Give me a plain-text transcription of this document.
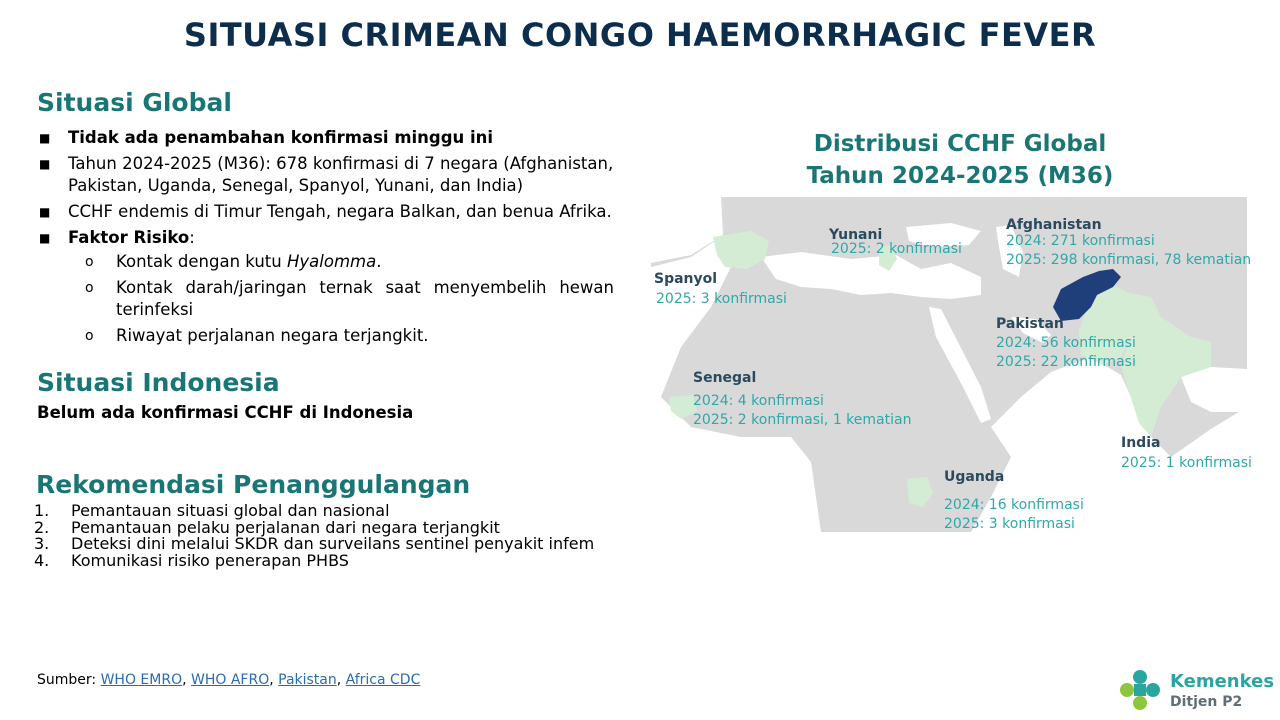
SITUASI CRIMEAN CONGO HAEMORRHAGIC FEVER
Situasi Global
■ Tidak ada penambahan konfirmasi minggu ini
■ Tahun 2024-2025 (M36): 678 konfirmasi di 7 negara (Afghanistan, Pakistan, Uganda, Senegal, Spanyol, Yunani, dan India)
■ CCHF endemis di Timur Tengah, negara Balkan, dan benua Afrika.
■ Faktor Risiko:
o Kontak dengan kutu Hyalomma.
o Kontak darah/jaringan ternak saat menyembelih hewan terinfeksi
o Riwayat perjalanan negara terjangkit.
Situasi Indonesia
Belum ada konfirmasi CCHF di Indonesia
Rekomendasi Penanggulangan
1. Pemantauan situasi global dan nasional
2. Pemantauan pelaku perjalanan dari negara terjangkit
3. Deteksi dini melalui SKDR dan surveilans sentinel penyakit infem
4. Komunikasi risiko penerapan PHBS
Distribusi CCHF Global
Tahun 2024-2025 (M36)
Yunani
2025: 2 konfirmasi
Afghanistan
2024: 271 konfirmasi
2025: 298 konfirmasi, 78 kematian
Spanyol
2025: 3 konfirmasi
Pakistan
2024: 56 konfirmasi
2025: 22 konfirmasi
Senegal
2024: 4 konfirmasi
2025: 2 konfirmasi, 1 kematian
India
2025: 1 konfirmasi
Uganda
2024: 16 konfirmasi
2025: 3 konfirmasi
Sumber: WHO EMRO, WHO AFRO, Pakistan, Africa CDC	Kemenkes
Ditjen P2
